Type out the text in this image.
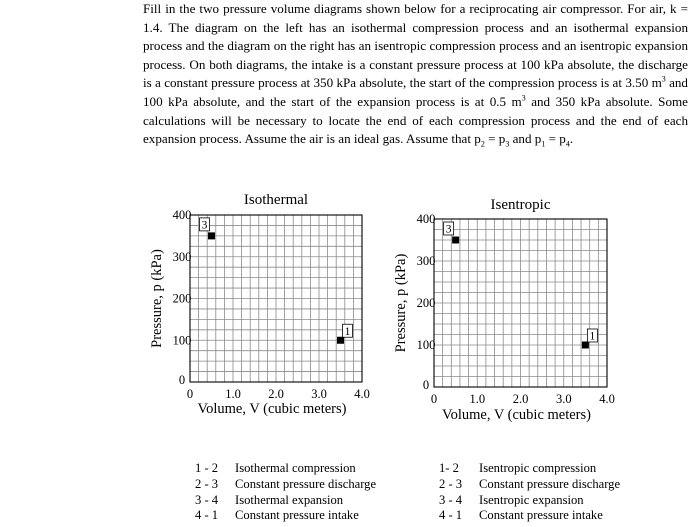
Fill in the two pressure volume diagrams shown below for a reciprocating air compressor. For air, k = 1.4. The diagram on the left has an isothermal compression process and an isothermal expansion process and the diagram on the right has an isentropic compression process and an isentropic expansion process. On both diagrams, the intake is a constant pressure process at 100 kPa absolute, the discharge is a constant pressure process at 350 kPa absolute, the start of the compression process is at 3.50 $m^3$ and 100 kPa absolute, and the start of the expansion process is at 0.5 $m^3$ and 350 kPa absolute. Some calculations will be necessary to locate the end of each compression process and the end of each expansion process. Assume the air is an ideal gas. Assume that $p_2 = p_3$ and $p_1 = p_4$.

Isothermal
0	1.0 2.0 3.0 4.0
0
100
200
300
400
Volume, V (cubic meters)
Pressure, p (kPa)
3
1
Isentropic
0	1.0 2.0 3.0 4.0
0
100
200
300
400
Volume, V (cubic meters)
Pressure, p (kPa)
3
1
1 - 2	Isothermal compression
2 - 3	Constant pressure discharge
3 - 4	Isothermal expansion
4 - 1	Constant pressure intake
1- 2	Isentropic compression
2 - 3	Constant pressure discharge
3 - 4	Isentropic expansion
4 - 1	Constant pressure intake
